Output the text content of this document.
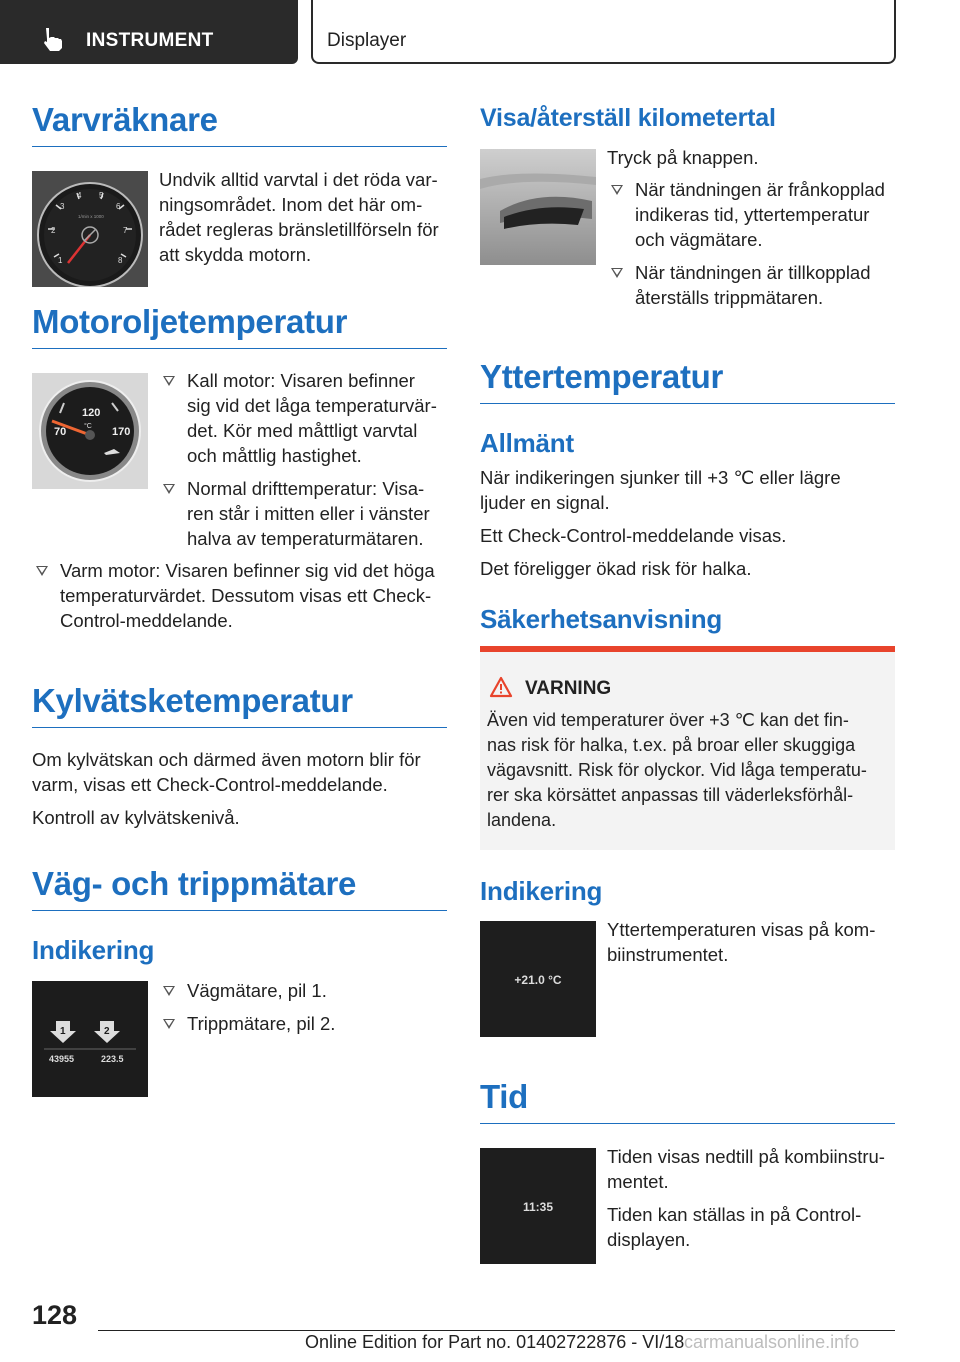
INSTRUMENT	Displayer
Varvräknare
1
2
3
4 5
6
7
8
1/min x 1000
Undvik alltid varvtal i det röda var-
ningsområdet. Inom det här om-
rådet regleras bränsletillförseln för
att skydda motorn.
Motoroljetemperatur
120
°C
70	170
Kall motor: Visaren befinner
sig vid det låga temperaturvär-
det. Kör med måttligt varvtal
och måttlig hastighet.
Normal drifttemperatur: Visa-
ren står i mitten eller i vänster
halva av temperaturmätaren.
Varm motor: Visaren befinner sig vid det höga
temperaturvärdet. Dessutom visas ett Check-
Control-meddelande.
Kylvätsketemperatur
Om kylvätskan och därmed även motorn blir för
varm, visas ett Check-Control-meddelande.
Kontroll av kylvätskenivå.
Väg- och trippmätare
Indikering
1	2
43955	223.5
Vägmätare, pil 1.
Trippmätare, pil 2.
Visa/återställ kilometertal
Tryck på knappen.
När tändningen är frånkopplad
indikeras tid, yttertemperatur
och vägmätare.
När tändningen är tillkopplad
återställs trippmätaren.
Yttertemperatur
Allmänt
När indikeringen sjunker till +3 ℃ eller lägre
ljuder en signal.
Ett Check-Control-meddelande visas.
Det föreligger ökad risk för halka.
Säkerhetsanvisning
VARNING
Även vid temperaturer över +3 ℃ kan det fin-
nas risk för halka, t.ex. på broar eller skuggiga
vägavsnitt. Risk för olyckor. Vid låga temperatu-
rer ska körsättet anpassas till väderleksförhål-
landena.
Indikering
+21.0 °C
Yttertemperaturen visas på kom-
biinstrumentet.
Tid
11:35
Tiden visas nedtill på kombiinstru-
mentet.
Tiden kan ställas in på Control-
displayen.
128
Online Edition for Part no. 01402722876 - VI/18 carmanualsonline.info
